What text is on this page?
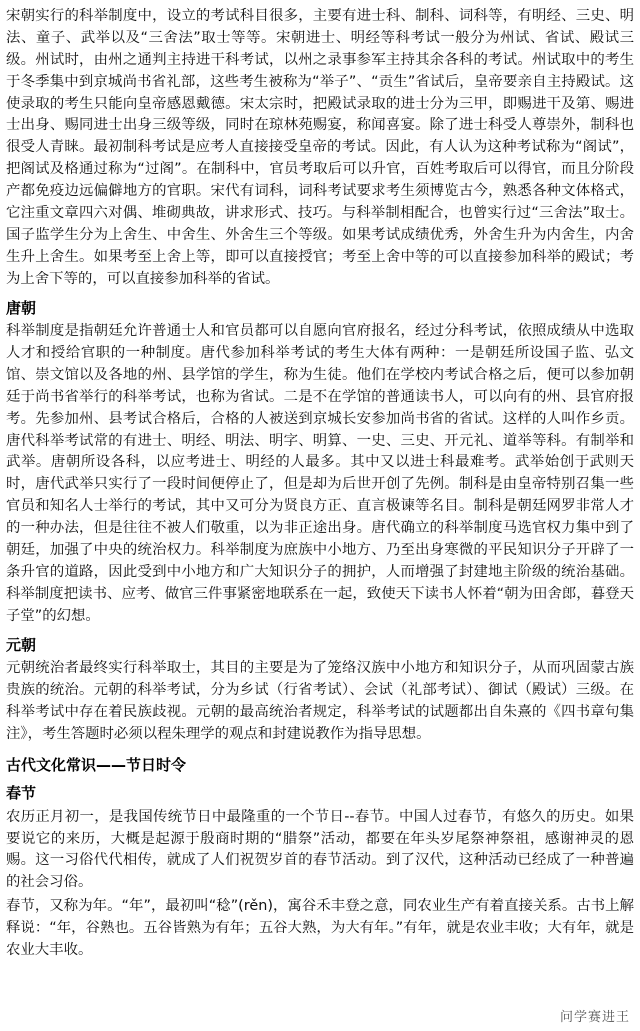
宋朝实行的科举制度中，设立的考试科目很多，主要有进士科、制科、词科等，有明经、三史、明法、童子、武举以及“三舍法”取士等等。宋朝进士、明经等科考试一般分为州试、省试、殿试三级。州试时，由州之通判主持进干科考试，以州之录事参军主持其余各科的考试。州试取中的考生于冬季集中到京城尚书省礼部，这些考生被称为“举子”、“贡生”省试后，皇帝要亲自主持殿试。这使录取的考生只能向皇帝感恩戴德。宋太宗时，把殿试录取的进士分为三甲，即赐进干及第、赐进士出身、赐同进士出身三级等级，同时在琼林苑赐宴，称闻喜宴。除了进士科受人尊崇外，制科也很受人青睐。最初制科考试是应考人直接接受皇帝的考试。因此，有人认为这种考试称为“阁试”，把阁试及格通过称为“过阁”。在制科中，官员考取后可以升官，百姓考取后可以得官，而且分阶段产都免疫边远偏僻地方的官职。宋代有词科，词科考试要求考生须博览古今，熟悉各种文体格式，它注重文章四六对偶、堆砌典故，讲求形式、技巧。与科举制相配合，也曾实行过“三舍法”取士。国子监学生分为上舍生、中舍生、外舍生三个等级。如果考试成绩优秀，外舍生升为内舍生，内舍生升上舍生。如果考至上舍上等，即可以直接授官；考至上舍中等的可以直接参加科举的殿试；考为上舍下等的，可以直接参加科举的省试。

唐朝

科举制度是指朝廷允许普通士人和官员都可以自愿向官府报名，经过分科考试，依照成绩从中选取人才和授给官职的一种制度。唐代参加科举考试的考生大体有两种：一是朝廷所设国子监、弘文馆、崇文馆以及各地的州、县学馆的学生，称为生徒。他们在学校内考试合格之后，便可以参加朝廷于尚书省举行的科举考试，也称为省试。二是不在学馆的普通读书人，可以向有的州、县官府报考。先参加州、县考试合格后，合格的人被送到京城长安参加尚书省的省试。这样的人叫作乡贡。唐代科举考试常的有进士、明经、明法、明字、明算、一史、三史、开元礼、道举等科。有制举和武举。唐朝所设各科，以应考进士、明经的人最多。其中又以进士科最难考。武举始创于武则天时，唐代武举只实行了一段时间便停止了，但是却为后世开创了先例。制科是由皇帝特别召集一些官员和知名人士举行的考试，其中又可分为贤良方正、直言极谏等名目。制科是朝廷网罗非常人才的一种办法，但是往往不被人们敬重，以为非正途出身。唐代确立的科举制度马选官权力集中到了朝廷，加强了中央的统治权力。科举制度为庶族中小地方、乃至出身寒微的平民知识分子开辟了一条升官的道路，因此受到中小地方和广大知识分子的拥护，人而增强了封建地主阶级的统治基础。科举制度把读书、应考、做官三件事紧密地联系在一起，致使天下读书人怀着“朝为田舍郎，暮登天子堂”的幻想。

元朝

元朝统治者最终实行科举取士，其目的主要是为了笼络汉族中小地方和知识分子，从而巩固蒙古族贵族的统治。元朝的科举考试，分为乡试（行省考试）、会试（礼部考试）、御试（殿试）三级。在科举考试中存在着民族歧视。元朝的最高统治者规定，科举考试的试题都出自朱熹的《四书章句集注》，考生答题时必须以程朱理学的观点和封建说教作为指导思想。

古代文化常识——节日时令
春节

农历正月初一，是我国传统节日中最隆重的一个节日--春节。中国人过春节，有悠久的历史。如果要说它的来历，大概是起源于殷商时期的“腊祭”活动，都要在年头岁尾祭神祭祖，感谢神灵的恩赐。这一习俗代代相传，就成了人们祝贺岁首的春节活动。到了汉代，这种活动已经成了一种普遍的社会习俗。

春节，又称为年。“年”，最初叫“稔”(rěn)，寓谷禾丰登之意，同农业生产有着直接关系。古书上解释说：“年，谷熟也。五谷皆熟为有年；五谷大熟，为大有年。”有年，就是农业丰收；大有年，就是农业大丰收。

问学赛进王
